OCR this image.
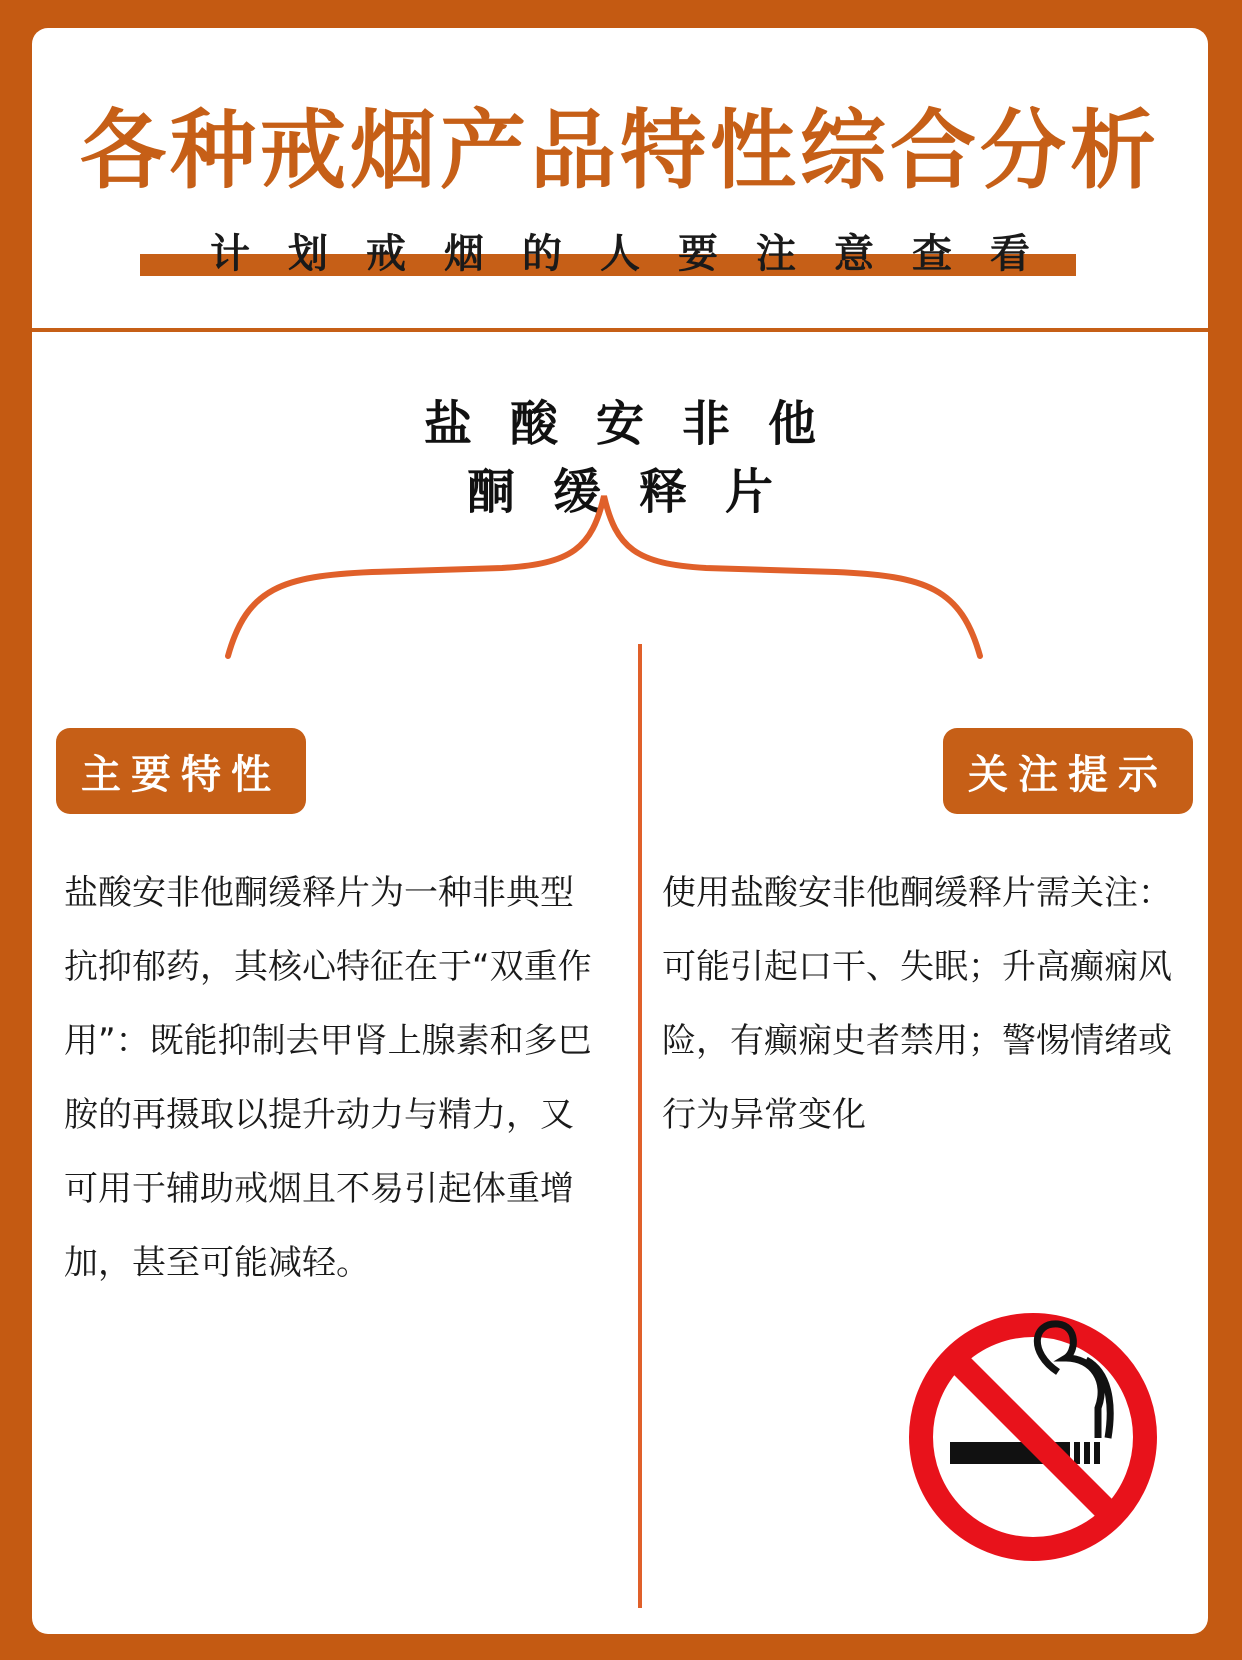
各种戒烟产品特性综合分析
计划戒烟的人要注意查看
盐酸安非他
酮缓释片
主要特性	关注提示
盐酸安非他酮缓释片为一种非典型抗抑郁药，其核心特征在于“双重作用”：既能抑制去甲肾上腺素和多巴胺的再摄取以提升动力与精力，又可用于辅助戒烟且不易引起体重增加，甚至可能减轻。
使用盐酸安非他酮缓释片需关注：可能引起口干、失眠；升高癫痫风险，有癫痫史者禁用；警惕情绪或行为异常变化
